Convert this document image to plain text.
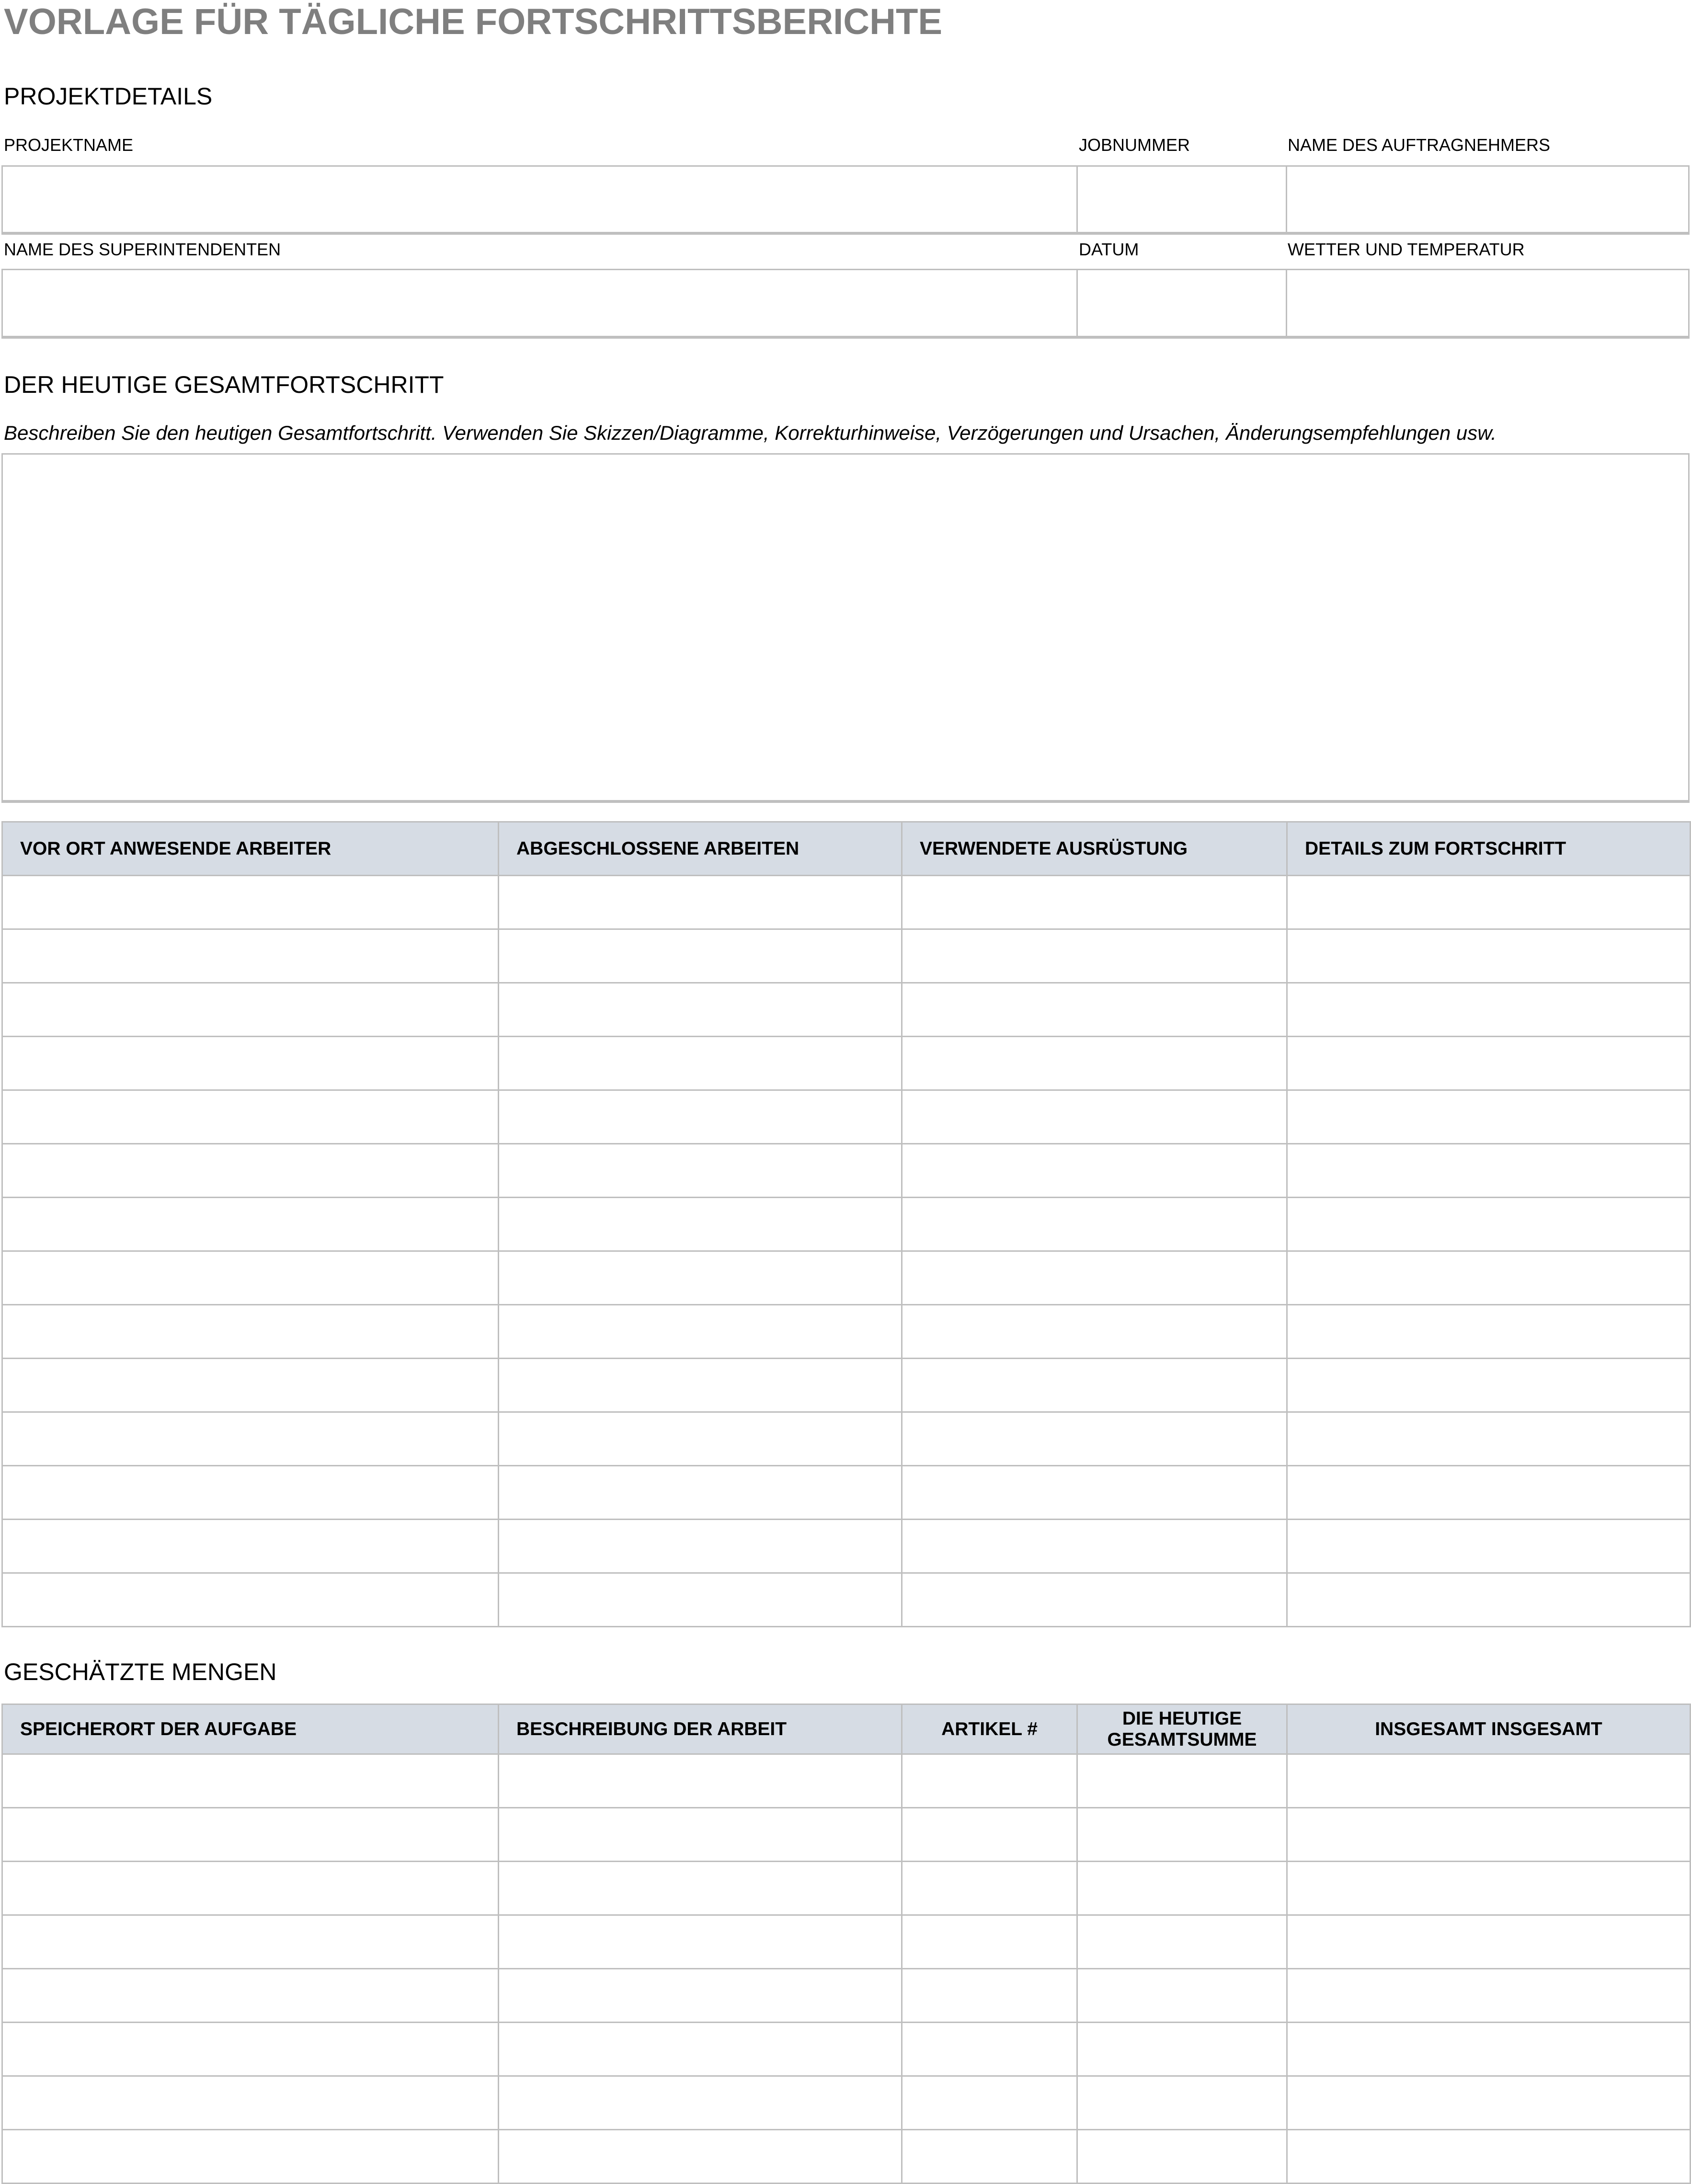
VORLAGE FÜR TÄGLICHE FORTSCHRITTSBERICHTE
PROJEKTDETAILS
PROJEKTNAME	JOBNUMMER	NAME DES AUFTRAGNEHMERS
NAME DES SUPERINTENDENTEN	DATUM	WETTER UND TEMPERATUR
DER HEUTIGE GESAMTFORTSCHRITT
Beschreiben Sie den heutigen Gesamtfortschritt. Verwenden Sie Skizzen/Diagramme, Korrekturhinweise, Verzögerungen und Ursachen, Änderungsempfehlungen usw.
VOR ORT ANWESENDE ARBEITER	ABGESCHLOSSENE ARBEITEN	VERWENDETE AUSRÜSTUNG	DETAILS ZUM FORTSCHRITT

GESCHÄTZTE MENGEN
SPEICHERORT DER AUFGABE	BESCHREIBUNG DER ARBEIT	ARTIKEL #	DIE HEUTIGE GESAMTSUMME	INSGESAMT INSGESAMT
